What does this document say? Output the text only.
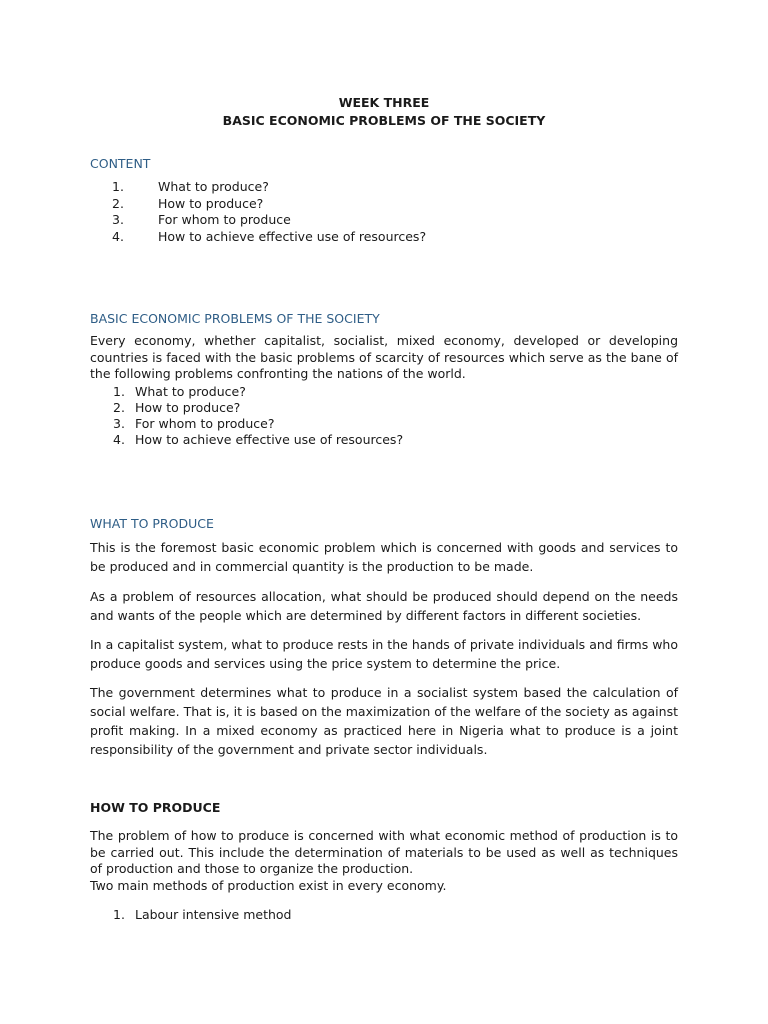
WEEK THREE
BASIC ECONOMIC PROBLEMS OF THE SOCIETY
CONTENT
1.	What to produce?
2.	How to produce?
3.	For whom to produce
4.	How to achieve effective use of resources?
BASIC ECONOMIC PROBLEMS OF THE SOCIETY
Every economy, whether capitalist, socialist, mixed economy, developed or developing countries is faced with the basic problems of scarcity of resources which serve as the bane of the following problems confronting the nations of the world.
1. What to produce?
2. How to produce?
3. For whom to produce?
4. How to achieve effective use of resources?
WHAT TO PRODUCE
This is the foremost basic economic problem which is concerned with goods and services to be produced and in commercial quantity is the production to be made.
As a problem of resources allocation, what should be produced should depend on the needs and wants of the people which are determined by different factors in different societies.
In a capitalist system, what to produce rests in the hands of private individuals and firms who produce goods and services using the price system to determine the price.
The government determines what to produce in a socialist system based the calculation of social welfare. That is, it is based on the maximization of the welfare of the society as against profit making. In a mixed economy as practiced here in Nigeria what to produce is a joint responsibility of the government and private sector individuals.
HOW TO PRODUCE
The problem of how to produce is concerned with what economic method of production is to be carried out. This include the determination of materials to be used as well as techniques of production and those to organize the production.
Two main methods of production exist in every economy.
1. Labour intensive method
